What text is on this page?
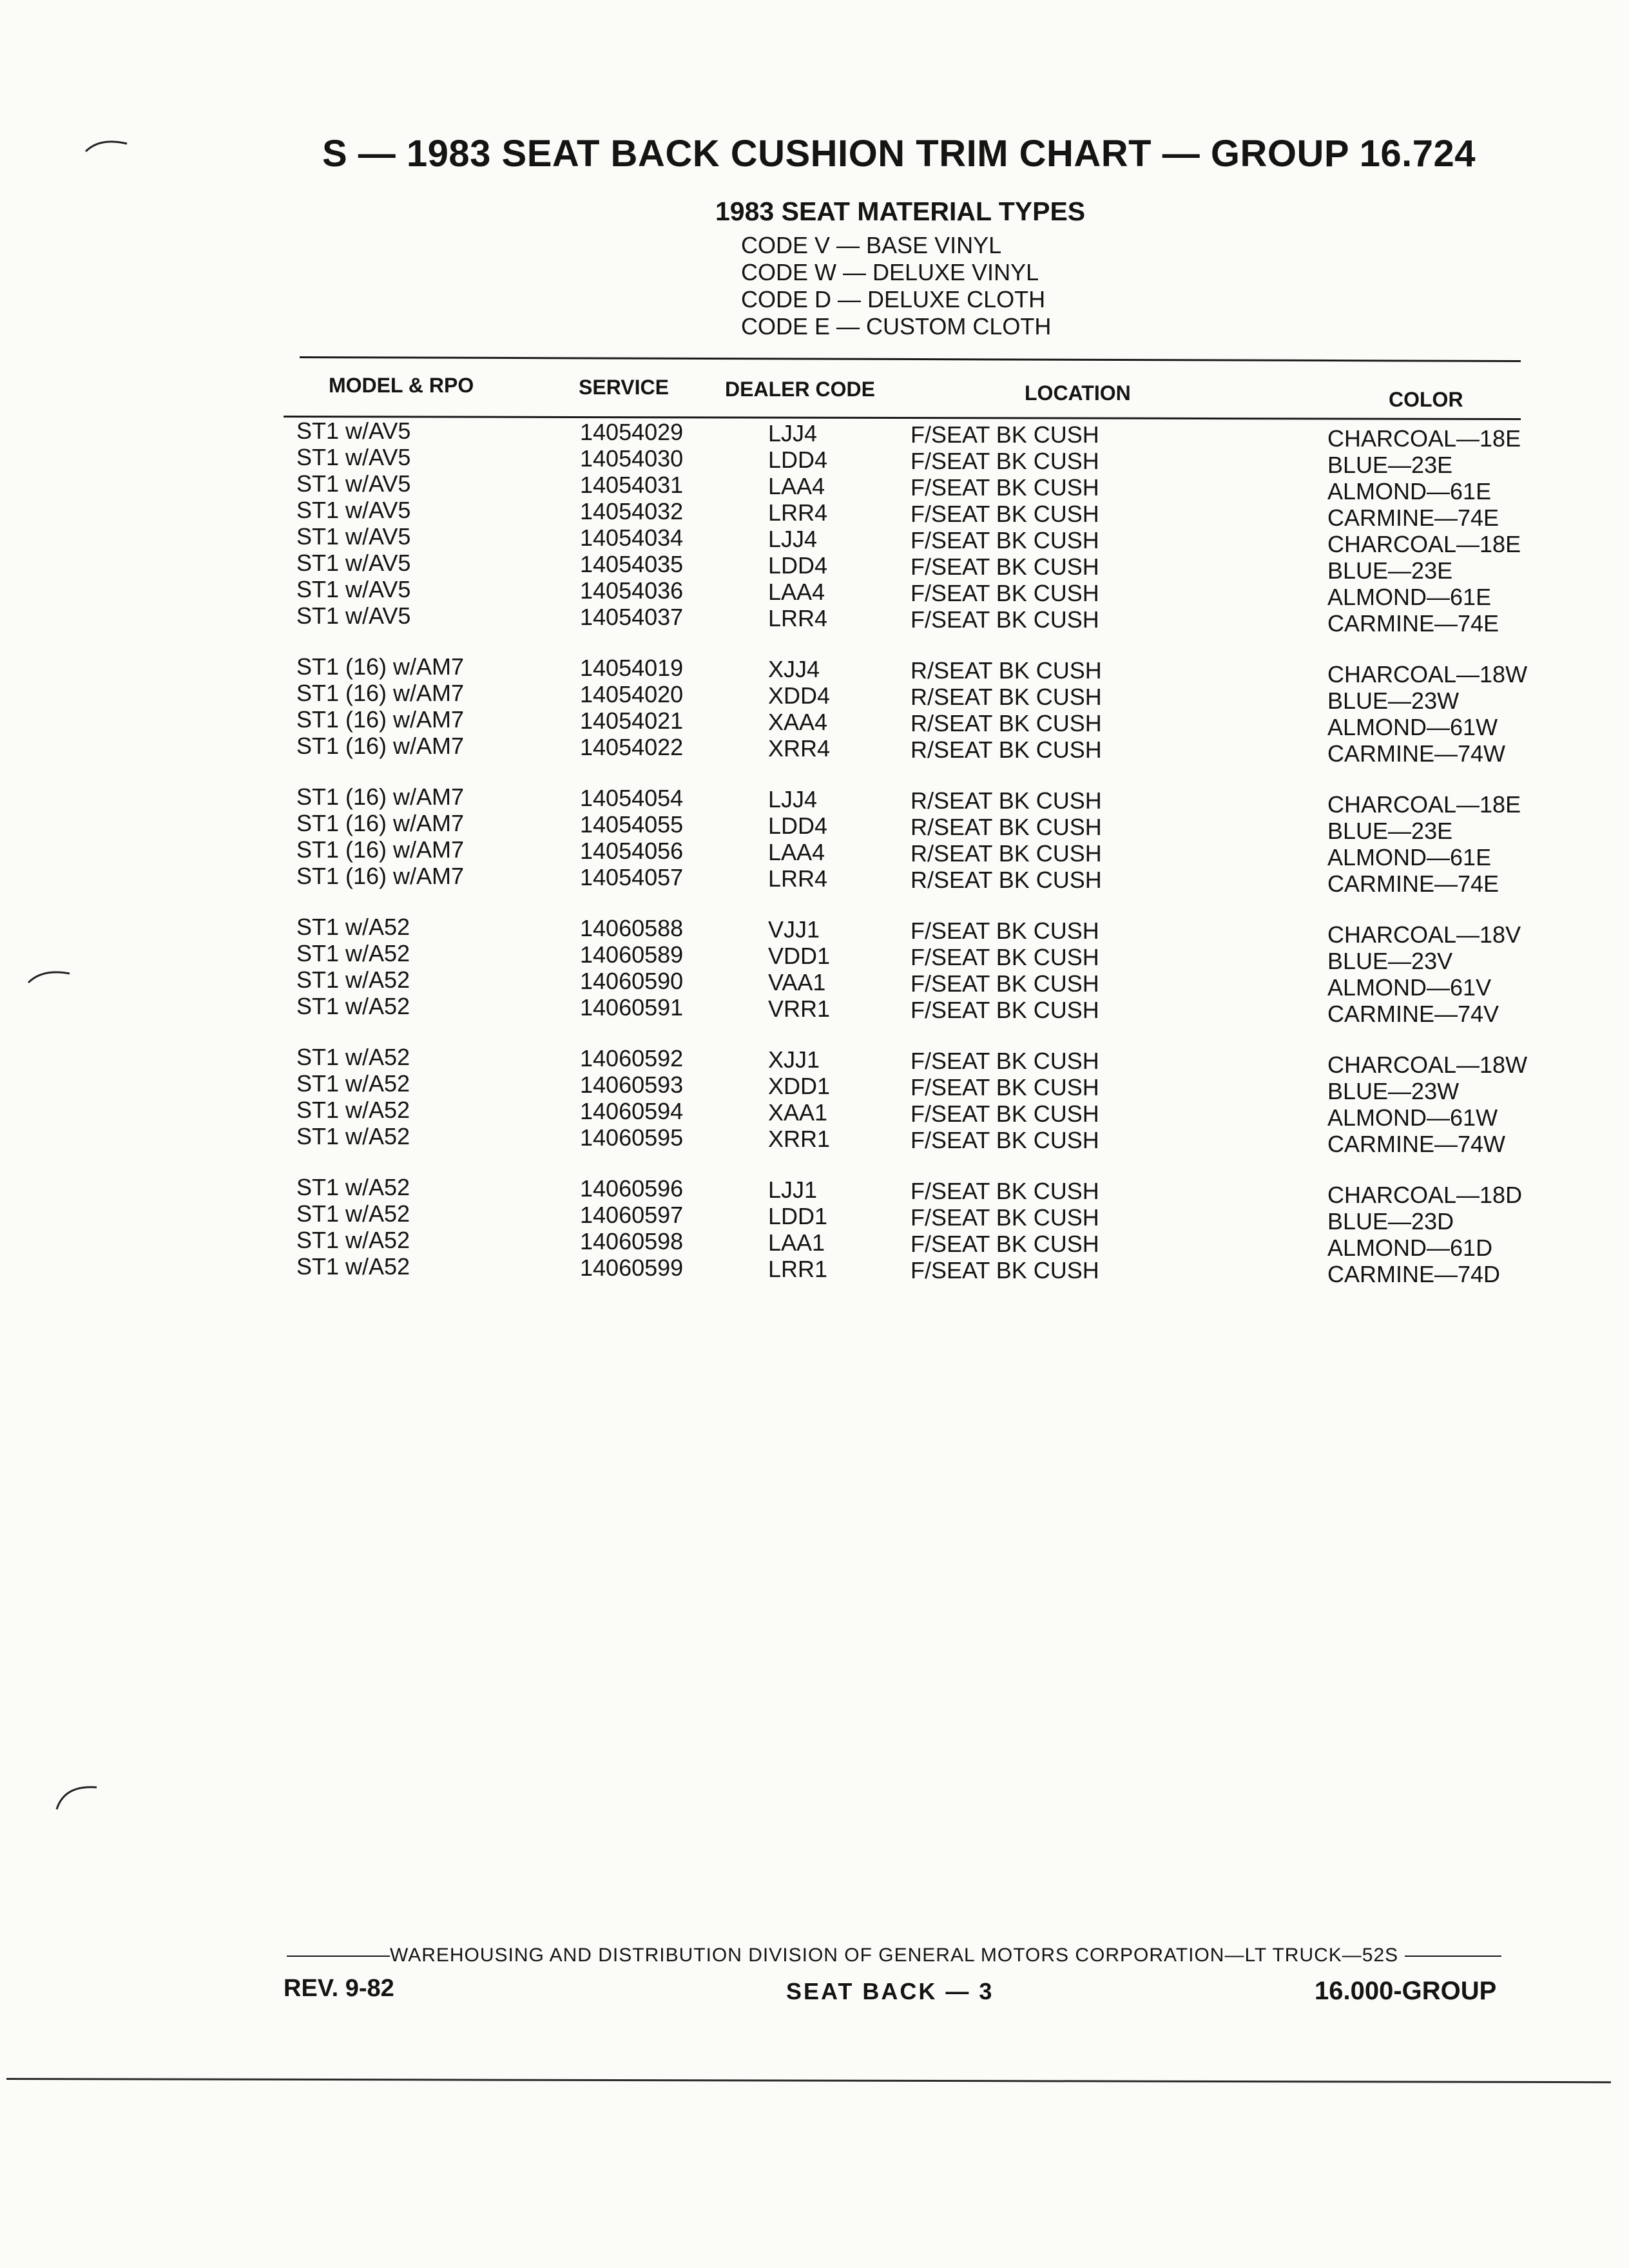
S — 1983 SEAT BACK CUSHION TRIM CHART — GROUP 16.724
1983 SEAT MATERIAL TYPES
CODE V — BASE VINYL
CODE W — DELUXE VINYL
CODE D — DELUXE CLOTH
CODE E — CUSTOM CLOTH
MODEL & RPO	SERVICE	DEALER CODE	LOCATION	COLOR
ST1 w/AV5	14054029	LJJ4	F/SEAT BK CUSH	CHARCOAL—18E
ST1 w/AV5	14054030	LDD4	F/SEAT BK CUSH	BLUE—23E
ST1 w/AV5	14054031	LAA4	F/SEAT BK CUSH	ALMOND—61E
ST1 w/AV5	14054032	LRR4	F/SEAT BK CUSH	CARMINE—74E
ST1 w/AV5	14054034	LJJ4	F/SEAT BK CUSH	CHARCOAL—18E
ST1 w/AV5	14054035	LDD4	F/SEAT BK CUSH	BLUE—23E
ST1 w/AV5	14054036	LAA4	F/SEAT BK CUSH	ALMOND—61E
ST1 w/AV5	14054037	LRR4	F/SEAT BK CUSH	CARMINE—74E
ST1 (16) w/AM7	14054019	XJJ4	R/SEAT BK CUSH	CHARCOAL—18W
ST1 (16) w/AM7	14054020	XDD4	R/SEAT BK CUSH	BLUE—23W
ST1 (16) w/AM7	14054021	XAA4	R/SEAT BK CUSH	ALMOND—61W
ST1 (16) w/AM7	14054022	XRR4	R/SEAT BK CUSH	CARMINE—74W
ST1 (16) w/AM7	14054054	LJJ4	R/SEAT BK CUSH	CHARCOAL—18E
ST1 (16) w/AM7	14054055	LDD4	R/SEAT BK CUSH	BLUE—23E
ST1 (16) w/AM7	14054056	LAA4	R/SEAT BK CUSH	ALMOND—61E
ST1 (16) w/AM7	14054057	LRR4	R/SEAT BK CUSH	CARMINE—74E
ST1 w/A52	14060588	VJJ1	F/SEAT BK CUSH	CHARCOAL—18V
ST1 w/A52	14060589	VDD1	F/SEAT BK CUSH	BLUE—23V
ST1 w/A52	14060590	VAA1	F/SEAT BK CUSH	ALMOND—61V
ST1 w/A52	14060591	VRR1	F/SEAT BK CUSH	CARMINE—74V
ST1 w/A52	14060592	XJJ1	F/SEAT BK CUSH	CHARCOAL—18W
ST1 w/A52	14060593	XDD1	F/SEAT BK CUSH	BLUE—23W
ST1 w/A52	14060594	XAA1	F/SEAT BK CUSH	ALMOND—61W
ST1 w/A52	14060595	XRR1	F/SEAT BK CUSH	CARMINE—74W
ST1 w/A52	14060596	LJJ1	F/SEAT BK CUSH	CHARCOAL—18D
ST1 w/A52	14060597	LDD1	F/SEAT BK CUSH	BLUE—23D
ST1 w/A52	14060598	LAA1	F/SEAT BK CUSH	ALMOND—61D
ST1 w/A52	14060599	LRR1	F/SEAT BK CUSH	CARMINE—74D
WAREHOUSING AND DISTRIBUTION DIVISION OF GENERAL MOTORS CORPORATION—LT TRUCK—52S
REV. 9-82	SEAT BACK — 3	16.000-GROUP
